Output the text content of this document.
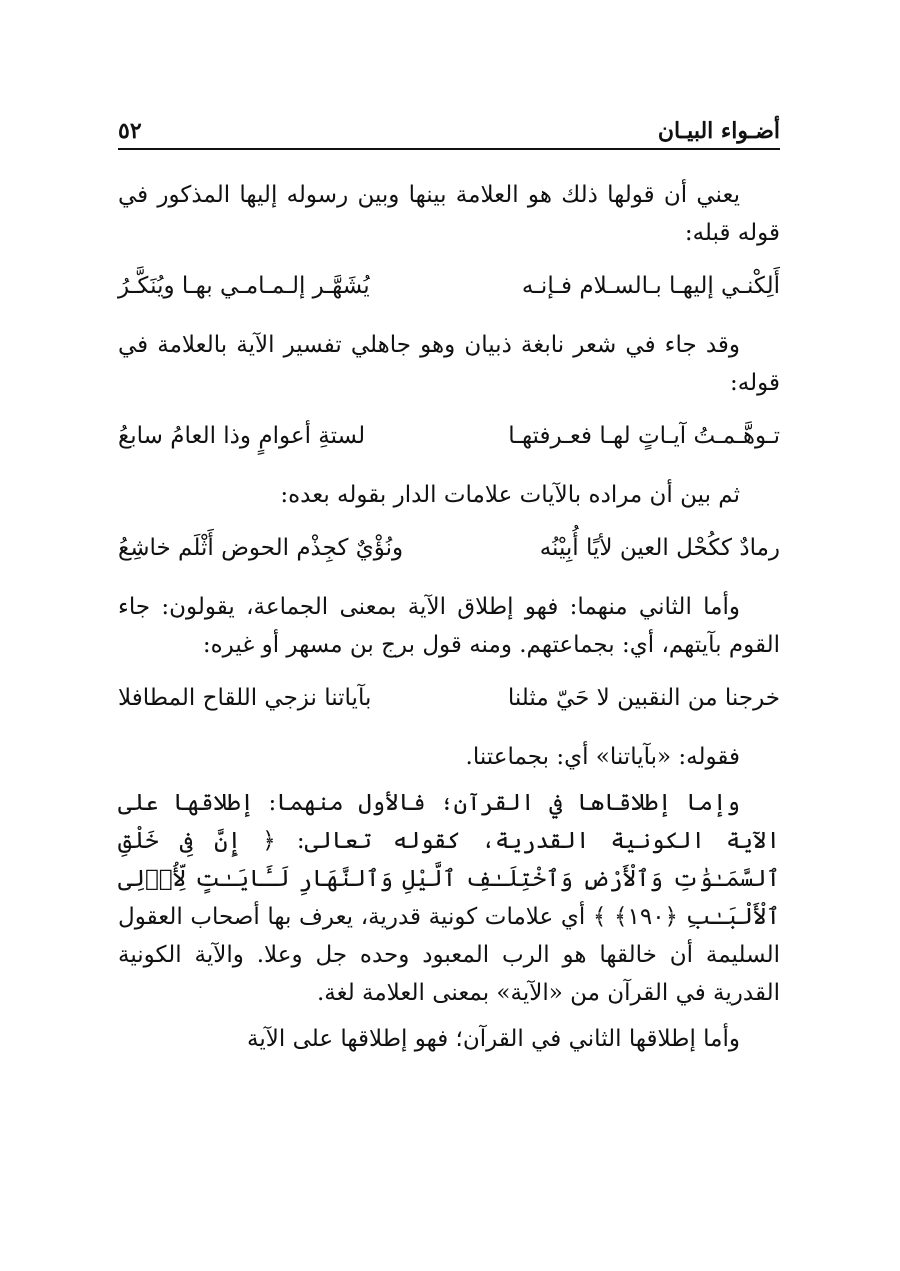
أضـواء البيـان
٥٢

يعني أن قولها ذلك هو العلامة بينها وبين رسوله إليها المذكور في قوله قبله:

أَلِكْنـي إليهـا بـالسـلام فـإنـه
يُشَهَّـر إلـمـامـي بهـا ويُنَكَّـرُ

وقد جاء في شعر نابغة ذبيان وهو جاهلي تفسير الآية بالعلامة في قوله:

تـوهَّـمـتُ آيـاتٍ لهـا فعـرفتهـا
لستةِ أعوامٍ وذا العامُ سابعُ

ثم بين أن مراده بالآيات علامات الدار بقوله بعده:

رمادٌ ككُحْل العين لأيًا أُبِيْنُه
ونُؤْيٌ كجِذْم الحوض أَثْلَم خاشِعُ

وأما الثاني منهما: فهو إطلاق الآية بمعنى الجماعة، يقولون: جاء القوم بآيتهم، أي: بجماعتهم. ومنه قول برج بن مسهر أو غيره:

خرجنا من النقبين لا حَيّ مثلنا
بآياتنا نزجي اللقاح المطافلا

فقوله: «بآياتنا» أي: بجماعتنا.

وإما إطلاقاها في القرآن؛ فالأول منهما: إطلاقها على الآية الكونية القدرية، كقوله تعالى: ﴿ إِنَّ فِى خَلْقِ ٱلسَّمَـٰوَٰتِ وَٱلْأَرْضِ وَٱخْتِلَـٰفِ ٱلَّيْلِ وَٱلنَّهَارِ لَـَٔايَـٰتٍ لِّأُو۟لِى ٱلْأَلْبَـٰبِ ﴿١٩٠﴾ ﴾ أي علامات كونية قدرية، يعرف بها أصحاب العقول السليمة أن خالقها هو الرب المعبود وحده جل وعلا. والآية الكونية القدرية في القرآن من «الآية» بمعنى العلامة لغة.

وأما إطلاقها الثاني في القرآن؛ فهو إطلاقها على الآية
